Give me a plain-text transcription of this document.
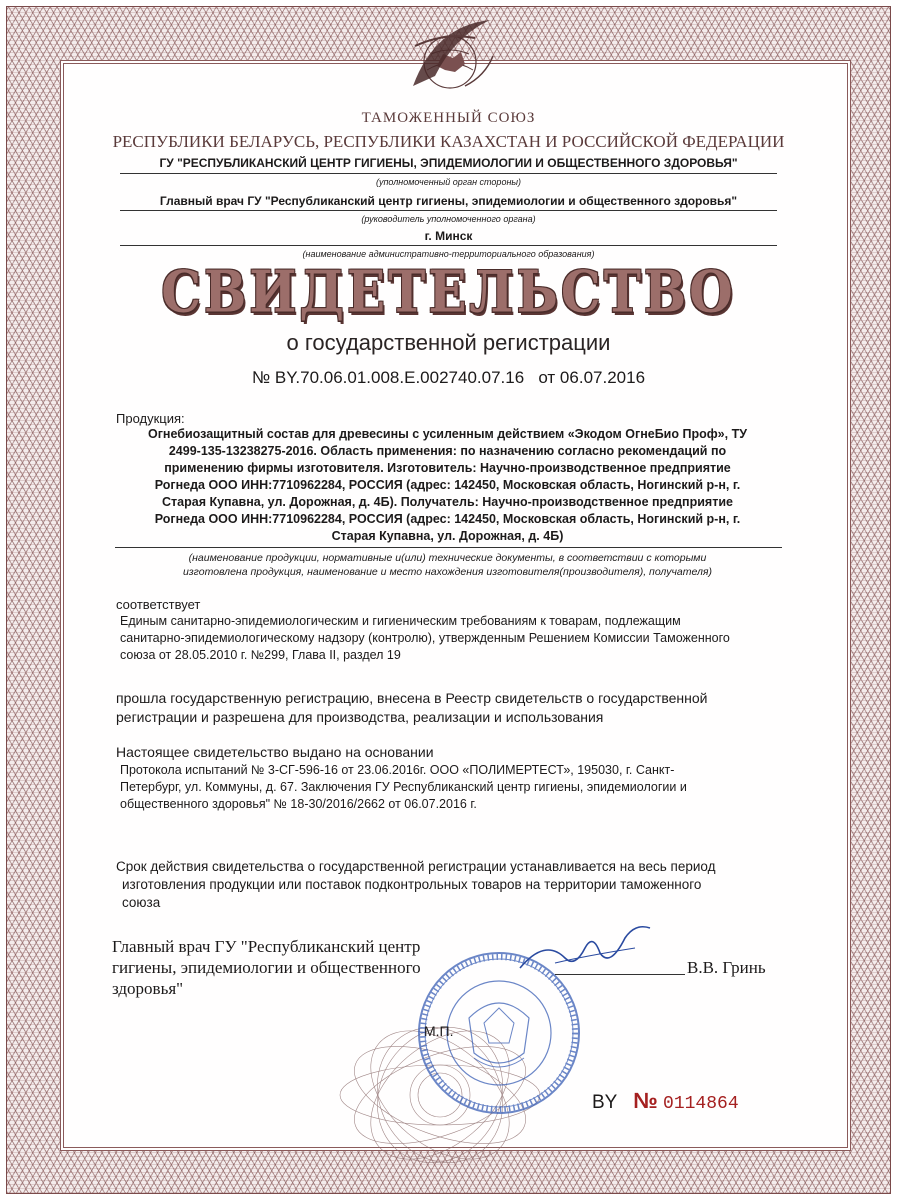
ТАМОЖЕННЫЙ СОЮЗ
РЕСПУБЛИКИ БЕЛАРУСЬ, РЕСПУБЛИКИ КАЗАХСТАН И РОССИЙСКОЙ ФЕДЕРАЦИИ
ГУ "РЕСПУБЛИКАНСКИЙ ЦЕНТР ГИГИЕНЫ, ЭПИДЕМИОЛОГИИ И ОБЩЕСТВЕННОГО ЗДОРОВЬЯ"
(уполномоченный орган стороны)
Главный врач ГУ "Республиканский центр гигиены, эпидемиологии и общественного здоровья"
(руководитель уполномоченного органа)
г. Минск
(наименование административно-территориального образования)
СВИДЕТЕЛЬСТВО
о государственной регистрации
№ BY.70.06.01.008.E.002740.07.16 от 06.07.2016
Продукция:
Огнебиозащитный состав для древесины с усиленным действием «Экодом ОгнеБио Проф», ТУ
2499-135-13238275-2016. Область применения: по назначению согласно рекомендаций по
применению фирмы изготовителя. Изготовитель: Научно-производственное предприятие
Рогнеда ООО ИНН:7710962284, РОССИЯ (адрес: 142450, Московская область, Ногинский р-н, г.
Старая Купавна, ул. Дорожная, д. 4Б). Получатель: Научно-производственное предприятие
Рогнеда ООО ИНН:7710962284, РОССИЯ (адрес: 142450, Московская область, Ногинский р-н, г.
Старая Купавна, ул. Дорожная, д. 4Б)
(наименование продукции, нормативные и(или) технические документы, в соответствии с которыми
изготовлена продукция, наименование и место нахождения изготовителя(производителя), получателя)
соответствует
Единым санитарно-эпидемиологическим и гигиеническим требованиям к товарам, подлежащим
санитарно-эпидемиологическому надзору (контролю), утвержденным Решением Комиссии Таможенного
союза от 28.05.2010 г. №299, Глава II, раздел 19
прошла государственную регистрацию, внесена в Реестр свидетельств о государственной
регистрации и разрешена для производства, реализации и использования
Настоящее свидетельство выдано на основании
Протокола испытаний № 3-СГ-596-16 от 23.06.2016г. ООО «ПОЛИМЕРТЕСТ», 195030, г. Санкт-
Петербург, ул. Коммуны, д. 67. Заключения ГУ Республиканский центр гигиены, эпидемиологии и
общественного здоровья" № 18-30/2016/2662 от 06.07.2016 г.
Срок действия свидетельства о государственной регистрации устанавливается на весь период
изготовления продукции или поставок подконтрольных товаров на территории таможенного
союза
Главный врач ГУ "Республиканский центр
гигиены, эпидемиологии и общественного
здоровья"
В.В. Гринь
М.П.
BY № 0114864
